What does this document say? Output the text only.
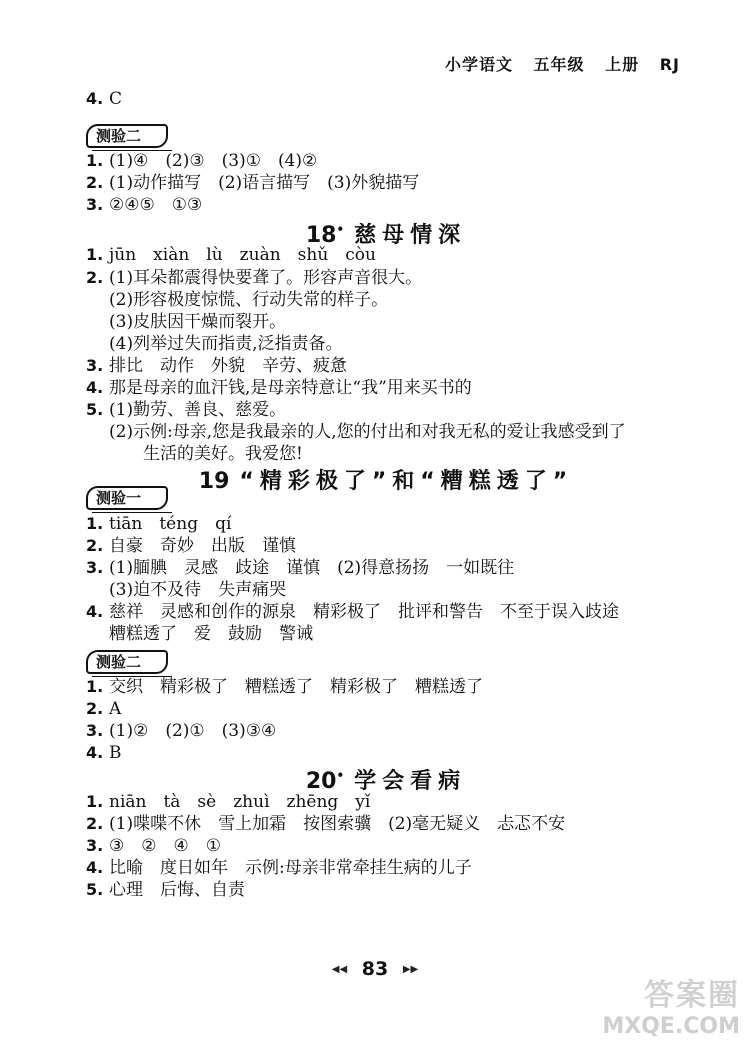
小学语文 五年级 上册 RJ
4. C
测验二
1. (1)④　(2)③　(3)①　(4)②
2. (1)动作描写　(2)语言描写　(3)外貌描写
3. ②④⑤　①③
18• 慈母情深
1. jūn　xiàn　lù　zuàn　shǔ　còu
2. (1)耳朵都震得快要聋了。形容声音很大。
(2)形容极度惊慌、行动失常的样子。
(3)皮肤因干燥而裂开。
(4)列举过失而指责,泛指责备。
3. 排比　动作　外貌　辛劳、疲惫
4. 那是母亲的血汗钱,是母亲特意让“我”用来买书的
5. (1)勤劳、善良、慈爱。
(2)示例:母亲,您是我最亲的人,您的付出和对我无私的爱让我感受到了
　　生活的美好。我爱您!
19 “精彩极了”和“糟糕透了”
测验一
1. tiān　téng　qí
2. 自豪　奇妙　出版　谨慎
3. (1)腼腆　灵感　歧途　谨慎　(2)得意扬扬　一如既往
(3)迫不及待　失声痛哭
4. 慈祥　灵感和创作的源泉　精彩极了　批评和警告　不至于误入歧途
糟糕透了　爱　鼓励　警诫
测验二
1. 交织　精彩极了　糟糕透了　精彩极了　糟糕透了
2. A
3. (1)②　(2)①　(3)③④
4. B
20• 学会看病
1. niān　tà　sè　zhuì　zhēng　yǐ
2. (1)喋喋不休　雪上加霜　按图索骥　(2)毫无疑义　忐忑不安
3. ③　②　④　①
4. 比喻　度日如年　示例:母亲非常牵挂生病的儿子
5. 心理　后悔、自责
◀◀ 83 ▶▶
答案圈
MXQE.COM
